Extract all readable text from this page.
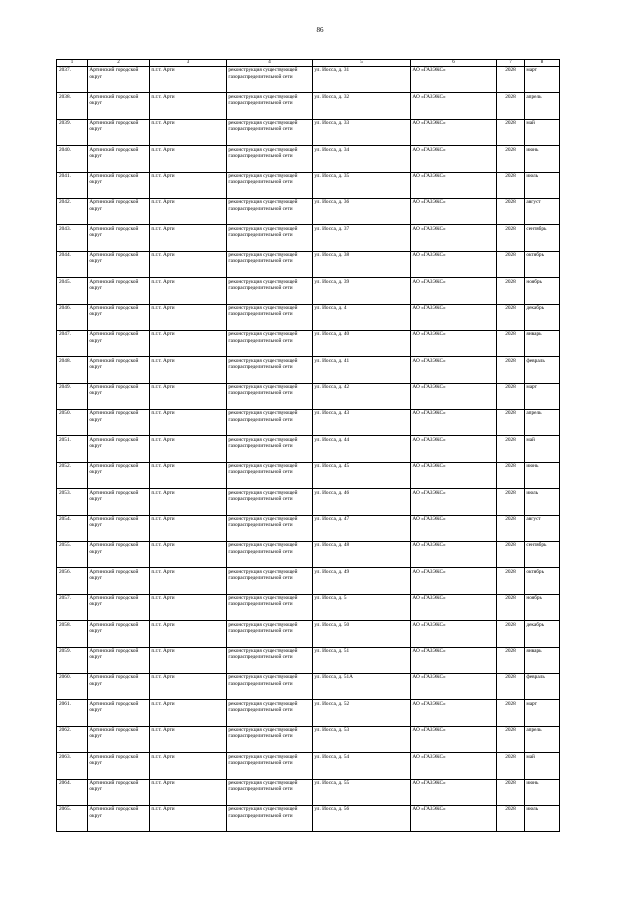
86
1	2	3	4	5	6	7	8
2037.	Артинский городской округ	п.г.т. Арти	реконструкция существующей газораспределительной сети	ул. Иосса, д. 31	АО «ГАЗЭКС»	2028	март
2038.	Артинский городской округ	п.г.т. Арти	реконструкция существующей газораспределительной сети	ул. Иосса, д. 32	АО «ГАЗЭКС»	2028	апрель
2039.	Артинский городской округ	п.г.т. Арти	реконструкция существующей газораспределительной сети	ул. Иосса, д. 33	АО «ГАЗЭКС»	2028	май
2040.	Артинский городской округ	п.г.т. Арти	реконструкция существующей газораспределительной сети	ул. Иосса, д. 34	АО «ГАЗЭКС»	2028	июнь
2041.	Артинский городской округ	п.г.т. Арти	реконструкция существующей газораспределительной сети	ул. Иосса, д. 35	АО «ГАЗЭКС»	2028	июль
2042.	Артинский городской округ	п.г.т. Арти	реконструкция существующей газораспределительной сети	ул. Иосса, д. 36	АО «ГАЗЭКС»	2028	август
2043.	Артинский городской округ	п.г.т. Арти	реконструкция существующей газораспределительной сети	ул. Иосса, д. 37	АО «ГАЗЭКС»	2028	сентябрь
2044.	Артинский городской округ	п.г.т. Арти	реконструкция существующей газораспределительной сети	ул. Иосса, д. 38	АО «ГАЗЭКС»	2028	октябрь
2045.	Артинский городской округ	п.г.т. Арти	реконструкция существующей газораспределительной сети	ул. Иосса, д. 39	АО «ГАЗЭКС»	2028	ноябрь
2046.	Артинский городской округ	п.г.т. Арти	реконструкция существующей газораспределительной сети	ул. Иосса, д. 4	АО «ГАЗЭКС»	2028	декабрь
2047.	Артинский городской округ	п.г.т. Арти	реконструкция существующей газораспределительной сети	ул. Иосса, д. 40	АО «ГАЗЭКС»	2028	январь
2048.	Артинский городской округ	п.г.т. Арти	реконструкция существующей газораспределительной сети	ул. Иосса, д. 41	АО «ГАЗЭКС»	2028	февраль
2049.	Артинский городской округ	п.г.т. Арти	реконструкция существующей газораспределительной сети	ул. Иосса, д. 42	АО «ГАЗЭКС»	2028	март
2050.	Артинский городской округ	п.г.т. Арти	реконструкция существующей газораспределительной сети	ул. Иосса, д. 43	АО «ГАЗЭКС»	2028	апрель
2051.	Артинский городской округ	п.г.т. Арти	реконструкция существующей газораспределительной сети	ул. Иосса, д. 44	АО «ГАЗЭКС»	2028	май
2052.	Артинский городской округ	п.г.т. Арти	реконструкция существующей газораспределительной сети	ул. Иосса, д. 45	АО «ГАЗЭКС»	2028	июнь
2053.	Артинский городской округ	п.г.т. Арти	реконструкция существующей газораспределительной сети	ул. Иосса, д. 46	АО «ГАЗЭКС»	2028	июль
2054.	Артинский городской округ	п.г.т. Арти	реконструкция существующей газораспределительной сети	ул. Иосса, д. 47	АО «ГАЗЭКС»	2028	август
2055.	Артинский городской округ	п.г.т. Арти	реконструкция существующей газораспределительной сети	ул. Иосса, д. 48	АО «ГАЗЭКС»	2028	сентябрь
2056.	Артинский городской округ	п.г.т. Арти	реконструкция существующей газораспределительной сети	ул. Иосса, д. 49	АО «ГАЗЭКС»	2028	октябрь
2057.	Артинский городской округ	п.г.т. Арти	реконструкция существующей газораспределительной сети	ул. Иосса, д. 5	АО «ГАЗЭКС»	2028	ноябрь
2058.	Артинский городской округ	п.г.т. Арти	реконструкция существующей газораспределительной сети	ул. Иосса, д. 50	АО «ГАЗЭКС»	2028	декабрь
2059.	Артинский городской округ	п.г.т. Арти	реконструкция существующей газораспределительной сети	ул. Иосса, д. 51	АО «ГАЗЭКС»	2028	январь
2060.	Артинский городской округ	п.г.т. Арти	реконструкция существующей газораспределительной сети	ул. Иосса, д. 51А	АО «ГАЗЭКС»	2028	февраль
2061.	Артинский городской округ	п.г.т. Арти	реконструкция существующей газораспределительной сети	ул. Иосса, д. 52	АО «ГАЗЭКС»	2028	март
2062.	Артинский городской округ	п.г.т. Арти	реконструкция существующей газораспределительной сети	ул. Иосса, д. 53	АО «ГАЗЭКС»	2028	апрель
2063.	Артинский городской округ	п.г.т. Арти	реконструкция существующей газораспределительной сети	ул. Иосса, д. 54	АО «ГАЗЭКС»	2028	май
2064.	Артинский городской округ	п.г.т. Арти	реконструкция существующей газораспределительной сети	ул. Иосса, д. 55	АО «ГАЗЭКС»	2028	июнь
2065.	Артинский городской округ	п.г.т. Арти	реконструкция существующей газораспределительной сети	ул. Иосса, д. 56	АО «ГАЗЭКС»	2028	июль
